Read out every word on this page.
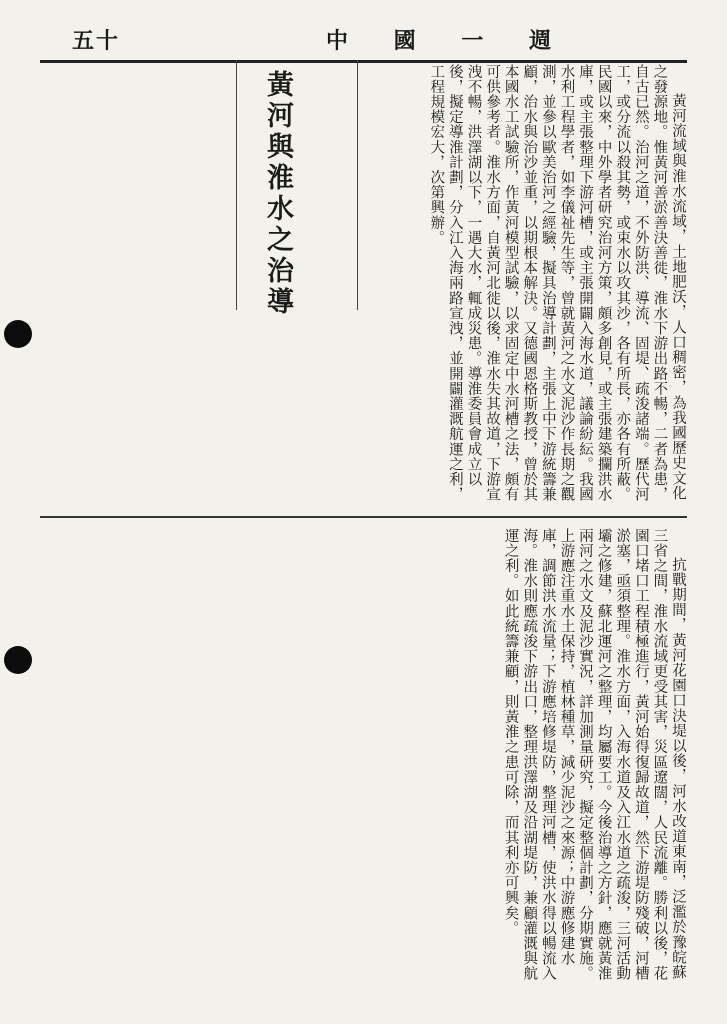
五十	中 國 一 週
黃河流域與淮水流域，土地肥沃，人口稠密，為我國歷史文化之發源地。惟黃河善淤善決善徙，淮水下游出路不暢，二者為患，自古已然。治河之道，不外防洪、導流、固堤、疏浚諸端。歷代河工，或分流以殺其勢，或束水以攻其沙，各有所長，亦各有所蔽。民國以來，中外學者研究治河方策，頗多創見，或主張建築攔洪水庫，或主張整理下游河槽，或主張開闢入海水道，議論紛紜。我國水利工程學者，如李儀祉先生等，曾就黃河之水文泥沙作長期之觀測，並參以歐美治河之經驗，擬具治導計劃，主張上中下游統籌兼顧，治水與治沙並重，以期根本解決。又德國恩格斯教授，曾於其本國水工試驗所，作黃河模型試驗，以求固定中水河槽之法，頗有可供參考者。淮水方面，自黃河北徙以後，淮水失其故道，下游宣洩不暢，洪澤湖以下，一遇大水，輒成災患。導淮委員會成立以後，擬定導淮計劃，分入江入海兩路宣洩，並開闢灌溉航運之利，工程規模宏大，次第興辦。
黃河與淮水之治導
抗戰期間，黃河花園口決堤以後，河水改道東南，泛濫於豫皖蘇三省之間，淮水流域更受其害，災區遼闊，人民流離。勝利以後，花園口堵口工程積極進行，黃河始得復歸故道，然下游堤防殘破，河槽淤塞，亟須整理。淮水方面，入海水道及入江水道之疏浚，三河活動壩之修建，蘇北運河之整理，均屬要工。今後治導之方針，應就黃淮兩河之水文及泥沙實況，詳加測量研究，擬定整個計劃，分期實施。上游應注重水土保持，植林種草，減少泥沙之來源；中游應修建水庫，調節洪水流量；下游應培修堤防，整理河槽，使洪水得以暢流入海。淮水則應疏浚下游出口，整理洪澤湖及沿湖堤防，兼顧灌溉與航運之利。如此統籌兼顧，則黃淮之患可除，而其利亦可興矣。
